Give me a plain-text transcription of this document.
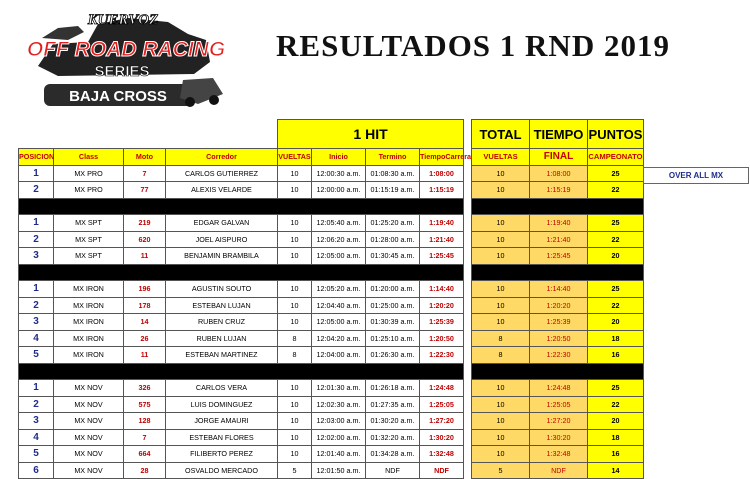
KUERVOZ
OFF ROAD RACING
SERIES
BAJA CROSS
RESULTADOS 1 RND 2019
				1 HIT			
POSICION	Class	Moto	Corredor	VUELTAS	Inicio	Termino	TiempoCarrera
1	MX PRO	7	CARLOS GUTIERREZ	10	12:00:30 a.m.	01:08:30 a.m.	1:08:00
2	MX PRO	77	ALEXIS VELARDE	10	12:00:00 a.m.	01:15:19 a.m.	1:15:19

1	MX SPT	219	EDGAR GALVAN	10	12:05:40 a.m.	01:25:20 a.m.	1:19:40
2	MX SPT	620	JOEL AISPURO	10	12:06:20 a.m.	01:28:00 a.m.	1:21:40
3	MX SPT	11	BENJAMIN BRAMBILA	10	12:05:00 a.m.	01:30:45 a.m.	1:25:45

1	MX IRON	196	AGUSTIN SOUTO	10	12:05:20 a.m.	01:20:00 a.m.	1:14:40
2	MX IRON	178	ESTEBAN LUJAN	10	12:04:40 a.m.	01:25:00 a.m.	1:20:20
3	MX IRON	14	RUBEN CRUZ	10	12:05:00 a.m.	01:30:39 a.m.	1:25:39
4	MX IRON	26	RUBEN LUJAN	8	12:04:20 a.m.	01:25:10 a.m.	1:20:50
5	MX IRON	11	ESTEBAN MARTINEZ	8	12:04:00 a.m.	01:26:30 a.m.	1:22:30

1	MX NOV	326	CARLOS VERA	10	12:01:30 a.m.	01:26:18 a.m.	1:24:48
2	MX NOV	575	LUIS DOMINGUEZ	10	12:02:30 a.m.	01:27:35 a.m.	1:25:05
3	MX NOV	128	JORGE AMAURI	10	12:03:00 a.m.	01:30:20 a.m.	1:27:20
4	MX NOV	7	ESTEBAN FLORES	10	12:02:00 a.m.	01:32:20 a.m.	1:30:20
5	MX NOV	664	FILIBERTO PEREZ	10	12:01:40 a.m.	01:34:28 a.m.	1:32:48
6	MX NOV	28	OSVALDO MERCADO	5	12:01:50 a.m.	NDF	NDF
TOTAL	TIEMPO	PUNTOS
VUELTAS	FINAL	CAMPEONATO
10	1:08:00	25
10	1:15:19	22

10	1:19:40	25
10	1:21:40	22
10	1:25:45	20

10	1:14:40	25
10	1:20:20	22
10	1:25:39	20
8	1:20:50	18
8	1:22:30	16

10	1:24:48	25
10	1:25:05	22
10	1:27:20	20
10	1:30:20	18
10	1:32:48	16
5	NDF	14
OVER ALL MX
